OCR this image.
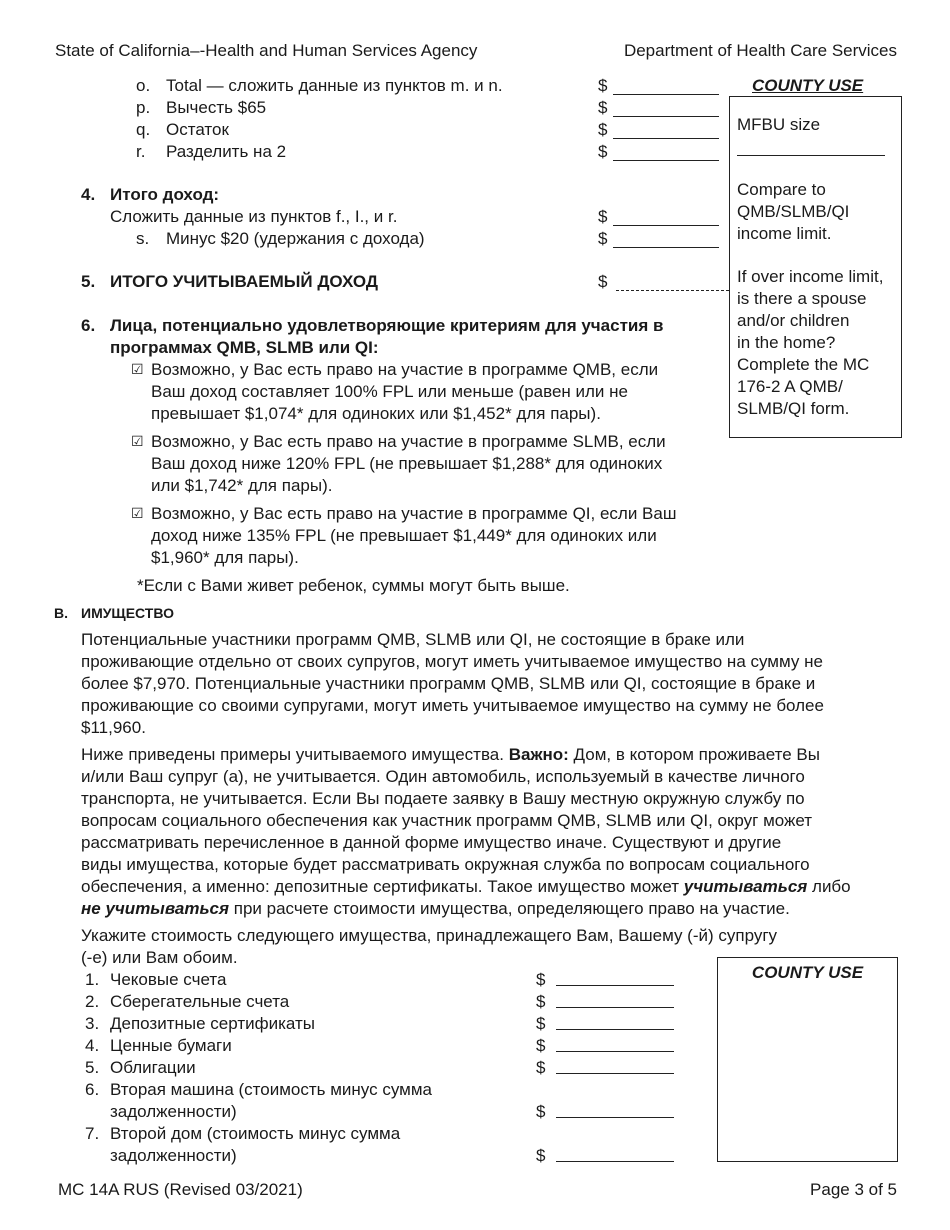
State of California–-Health and Human Services Agency	Department of Health Care Services
o. Total — сложить данные из пунктов m. и n.	$
p. Вычесть $65	$
q. Остаток	$
r. Разделить на 2	$
COUNTY USE
MFBU size
Compare to
QMB/SLMB/QI
income limit.
If over income limit,
is there a spouse
and/or children
in the home?
Complete the MC
176-2 A QMB/
SLMB/QI form.
4. Итого доход:
Сложить данные из пунктов f., I., и r.	$
s. Минус $20 (удержания с дохода)	$
5. ИТОГО УЧИТЫВАЕМЫЙ ДОХОД	$
6. Лица, потенциально удовлетворяющие критериям для участия в
программах QMB, SLMB или QI:
☑ Возможно, у Вас есть право на участие в программе QMB, если
Ваш доход составляет 100% FPL или меньше (равен или не
превышает $1,074* для одиноких или $1,452* для пары).
☑ Возможно, у Вас есть право на участие в программе SLMB, если
Ваш доход ниже 120% FPL (не превышает $1,288* для одиноких
или $1,742* для пары).
☑ Возможно, у Вас есть право на участие в программе QI, если Ваш
доход ниже 135% FPL (не превышает $1,449* для одиноких или
$1,960* для пары).
*Если с Вами живет ребенок, суммы могут быть выше.
B. ИМУЩЕСТВО
Потенциальные участники программ QMB, SLMB или QI, не состоящие в браке или
проживающие отдельно от своих супругов, могут иметь учитываемое имущество на сумму не
более $7,970. Потенциальные участники программ QMB, SLMB или QI, состоящие в браке и
проживающие со своими супругами, могут иметь учитываемое имущество на сумму не более
$11,960.
Ниже приведены примеры учитываемого имущества. Важно: Дом, в котором проживаете Вы
и/или Ваш супруг (а), не учитывается. Один автомобиль, используемый в качестве личного
транспорта, не учитывается. Если Вы подаете заявку в Вашу местную окружную службу по
вопросам социального обеспечения как участник программ QMB, SLMB или QI, округ может
рассматривать перечисленное в данной форме имущество иначе. Существуют и другие
виды имущества, которые будет рассматривать окружная служба по вопросам социального
обеспечения, а именно: депозитные сертификаты. Такое имущество может учитываться либо
не учитываться при расчете стоимости имущества, определяющего право на участие.
Укажите стоимость следующего имущества, принадлежащего Вам, Вашему (-й) супругу
(-е) или Вам обоим.
1. Чековые счета	$
2. Сберегательные счета	$
3. Депозитные сертификаты	$
4. Ценные бумаги	$
5. Облигации	$
6. Вторая машина (стоимость минус сумма
задолженности)	$
7. Второй дом (стоимость минус сумма
задолженности)	$
COUNTY USE
MC 14A RUS (Revised 03/2021)	Page 3 of 5
